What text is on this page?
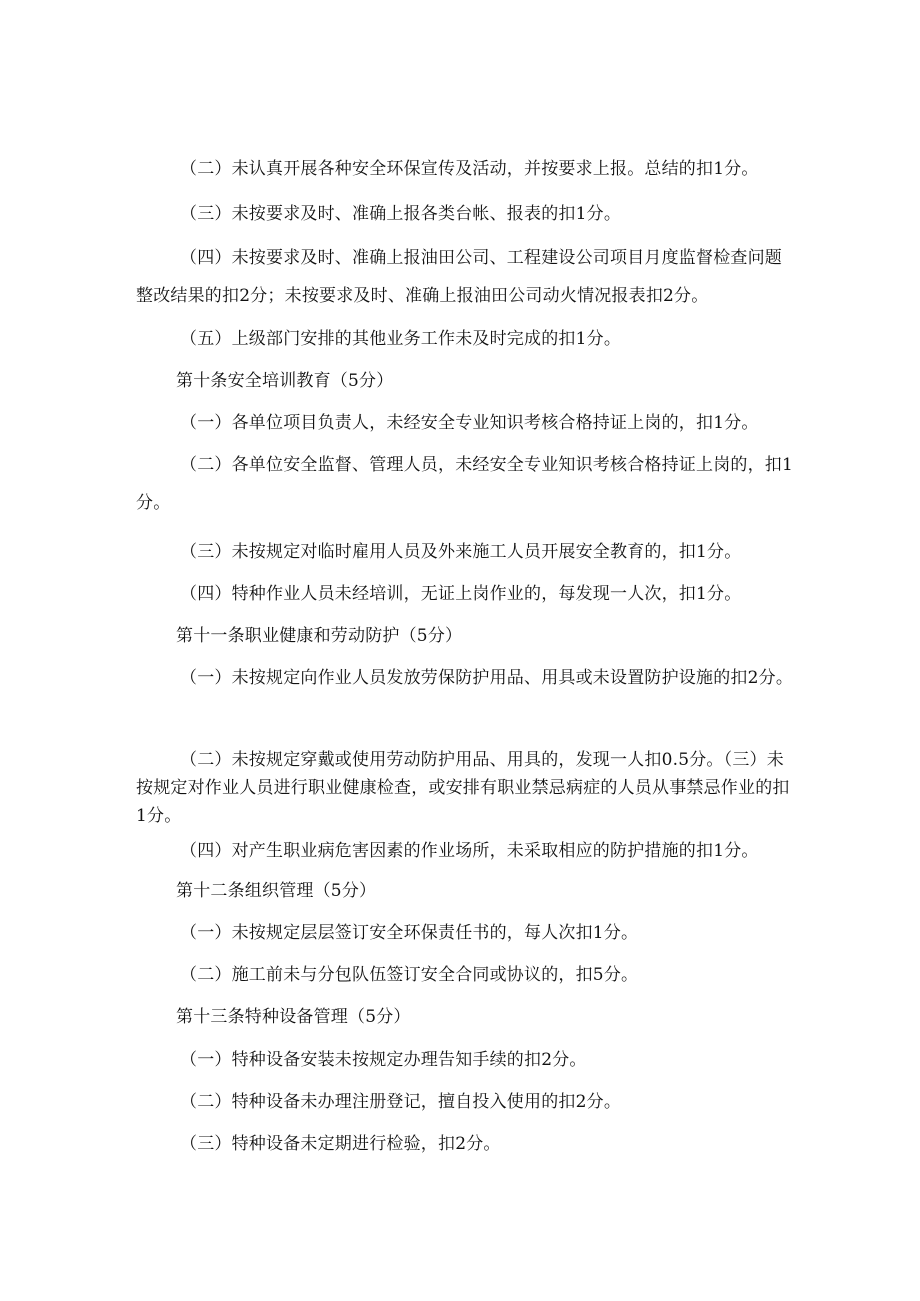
（二）未认真开展各种安全环保宣传及活动，并按要求上报。总结的扣1分。

（三）未按要求及时、准确上报各类台帐、报表的扣1分。

（四）未按要求及时、准确上报油田公司、工程建设公司项目月度监督检查问题整改结果的扣2分；未按要求及时、准确上报油田公司动火情况报表扣2分。

（五）上级部门安排的其他业务工作未及时完成的扣1分。

第十条安全培训教育（5分）

（一）各单位项目负责人，未经安全专业知识考核合格持证上岗的，扣1分。

（二）各单位安全监督、管理人员，未经安全专业知识考核合格持证上岗的，扣1分。

（三）未按规定对临时雇用人员及外来施工人员开展安全教育的，扣1分。

（四）特种作业人员未经培训，无证上岗作业的，每发现一人次，扣1分。

第十一条职业健康和劳动防护（5分）

（一）未按规定向作业人员发放劳保防护用品、用具或未设置防护设施的扣2分。

（二）未按规定穿戴或使用劳动防护用品、用具的，发现一人扣0.5分。（三）未按规定对作业人员进行职业健康检查，或安排有职业禁忌病症的人员从事禁忌作业的扣1分。

（四）对产生职业病危害因素的作业场所，未采取相应的防护措施的扣1分。

第十二条组织管理（5分）

（一）未按规定层层签订安全环保责任书的，每人次扣1分。

（二）施工前未与分包队伍签订安全合同或协议的，扣5分。

第十三条特种设备管理（5分）

（一）特种设备安装未按规定办理告知手续的扣2分。

（二）特种设备未办理注册登记，擅自投入使用的扣2分。

（三）特种设备未定期进行检验，扣2分。
